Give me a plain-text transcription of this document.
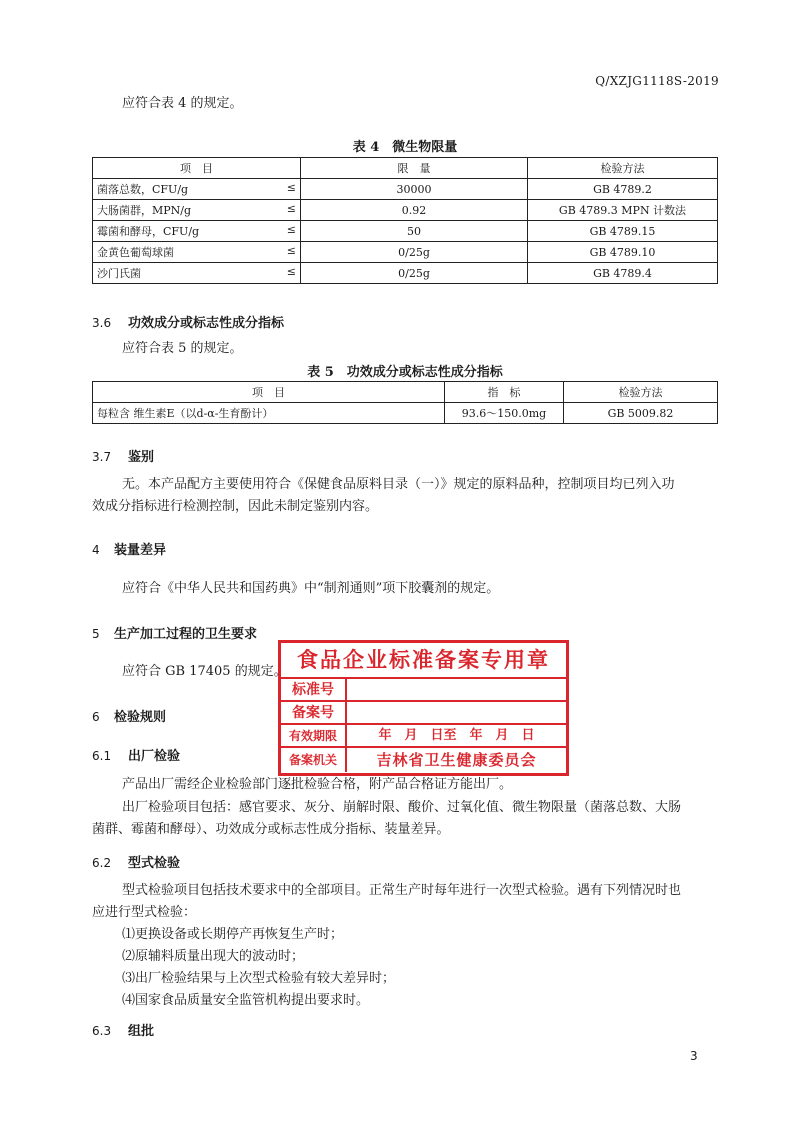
Q/XZJG1118S-2019
应符合表 4 的规定。
表 4　微生物限量
项　目	限　量	检验方法
菌落总数，CFU/g ≤	30000	GB 4789.2
大肠菌群，MPN/g ≤	0.92	GB 4789.3 MPN 计数法
霉菌和酵母，CFU/g ≤	50	GB 4789.15
金黄色葡萄球菌 ≤	0/25g	GB 4789.10
沙门氏菌 ≤	0/25g	GB 4789.4
3.6 功效成分或标志性成分指标
应符合表 5 的规定。
表 5　功效成分或标志性成分指标
项　目	指　标	检验方法
每粒含 维生素E（以d-α-生育酚计）	93.6～150.0mg	GB 5009.82
3.7 鉴别
无。本产品配方主要使用符合《保健食品原料目录（一）》规定的原料品种，控制项目均已列入功
效成分指标进行检测控制，因此未制定鉴别内容。
4 装量差异
应符合《中华人民共和国药典》中“制剂通则”项下胶囊剂的规定。
5 生产加工过程的卫生要求
应符合 GB 17405 的规定。
6 检验规则
6.1 出厂检验
产品出厂需经企业检验部门逐批检验合格，附产品合格证方能出厂。
出厂检验项目包括：感官要求、灰分、崩解时限、酸价、过氧化值、微生物限量（菌落总数、大肠
菌群、霉菌和酵母）、功效成分或标志性成分指标、装量差异。
6.2 型式检验
型式检验项目包括技术要求中的全部项目。正常生产时每年进行一次型式检验。遇有下列情况时也
应进行型式检验：
⑴更换设备或长期停产再恢复生产时；
⑵原辅料质量出现大的波动时；
⑶出厂检验结果与上次型式检验有较大差异时；
⑷国家食品质量安全监管机构提出要求时。
6.3 组批
食品企业标准备案专用章
标准号
备案号
有效期限	年　月　日至　年　月　日
备案机关	吉林省卫生健康委员会
3
